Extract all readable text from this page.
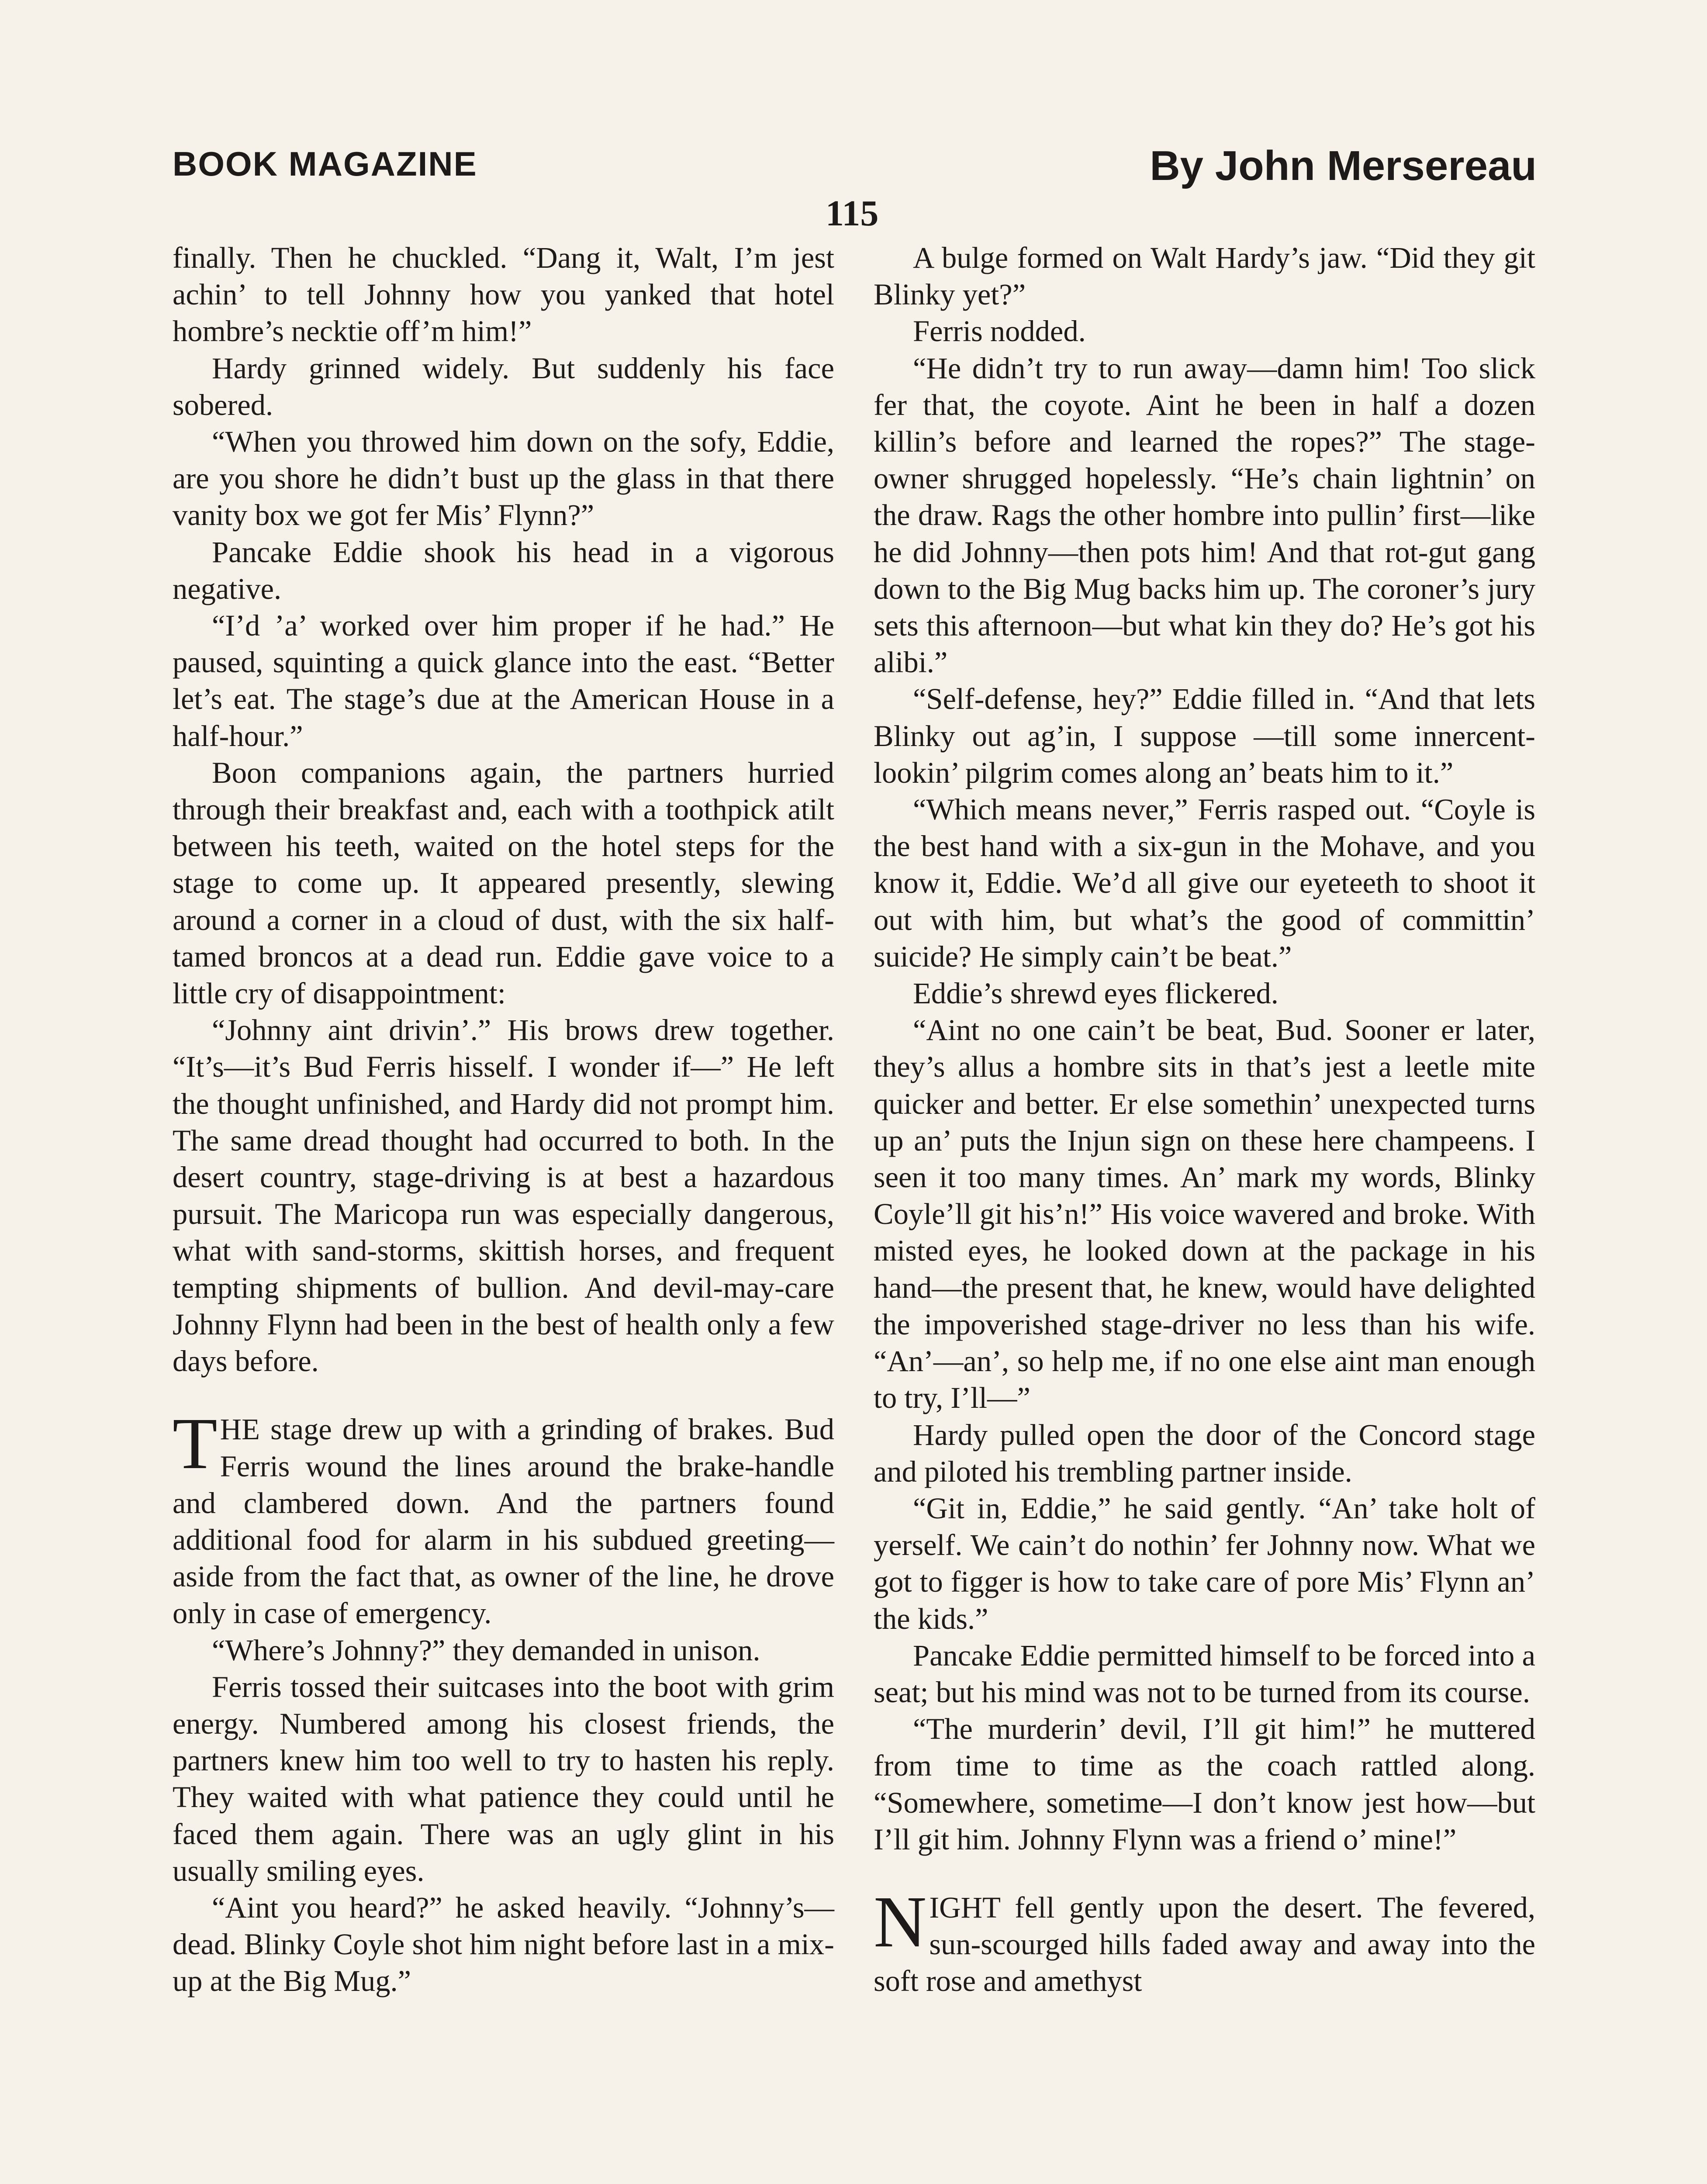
BOOK MAGAZINE	By John Mersereau
115

finally. Then he chuckled. “Dang it, Walt, I’m jest achin’ to tell Johnny how you yanked that hotel hombre’s necktie off’m him!”

Hardy grinned widely. But suddenly his face sobered.

“When you throwed him down on the sofy, Eddie, are you shore he didn’t bust up the glass in that there vanity box we got fer Mis’ Flynn?”

Pancake Eddie shook his head in a vigorous negative.

“I’d ’a’ worked over him proper if he had.” He paused, squinting a quick glance into the east. “Better let’s eat. The stage’s due at the American House in a half-hour.”

Boon companions again, the partners hurried through their breakfast and, each with a toothpick atilt between his teeth, waited on the hotel steps for the stage to come up. It appeared presently, slewing around a corner in a cloud of dust, with the six half-tamed broncos at a dead run. Eddie gave voice to a little cry of disappointment:

“Johnny aint drivin’.” His brows drew together. “It’s—it’s Bud Ferris hisself. I wonder if—” He left the thought unfinished, and Hardy did not prompt him. The same dread thought had occurred to both. In the desert country, stage-driving is at best a hazardous pursuit. The Maricopa run was especially dangerous, what with sand-storms, skittish horses, and frequent tempting shipments of bullion. And devil-may-care Johnny Flynn had been in the best of health only a few days before.

THE stage drew up with a grinding of brakes. Bud Ferris wound the lines around the brake-handle and clambered down. And the partners found additional food for alarm in his subdued greeting—aside from the fact that, as owner of the line, he drove only in case of emergency.

“Where’s Johnny?” they demanded in unison.

Ferris tossed their suitcases into the boot with grim energy. Numbered among his closest friends, the partners knew him too well to try to hasten his reply. They waited with what patience they could until he faced them again. There was an ugly glint in his usually smiling eyes.

“Aint you heard?” he asked heavily. “Johnny’s—dead. Blinky Coyle shot him night before last in a mix-up at the Big Mug.”

A bulge formed on Walt Hardy’s jaw. “Did they git Blinky yet?”

Ferris nodded.

“He didn’t try to run away—damn him! Too slick fer that, the coyote. Aint he been in half a dozen killin’s before and learned the ropes?” The stage-owner shrugged hopelessly. “He’s chain lightnin’ on the draw. Rags the other hombre into pullin’ first—like he did Johnny—then pots him! And that rot-gut gang down to the Big Mug backs him up. The coroner’s jury sets this afternoon—but what kin they do? He’s got his alibi.”

“Self-defense, hey?” Eddie filled in. “And that lets Blinky out ag’in, I suppose —till some innercent-lookin’ pilgrim comes along an’ beats him to it.”

“Which means never,” Ferris rasped out. “Coyle is the best hand with a six-gun in the Mohave, and you know it, Eddie. We’d all give our eyeteeth to shoot it out with him, but what’s the good of committin’ suicide? He simply cain’t be beat.”

Eddie’s shrewd eyes flickered.

“Aint no one cain’t be beat, Bud. Sooner er later, they’s allus a hombre sits in that’s jest a leetle mite quicker and better. Er else somethin’ unexpected turns up an’ puts the Injun sign on these here champeens. I seen it too many times. An’ mark my words, Blinky Coyle’ll git his’n!” His voice wavered and broke. With misted eyes, he looked down at the package in his hand—the present that, he knew, would have delighted the impoverished stage-driver no less than his wife. “An’—an’, so help me, if no one else aint man enough to try, I’ll—”

Hardy pulled open the door of the Concord stage and piloted his trembling partner inside.

“Git in, Eddie,” he said gently. “An’ take holt of yerself. We cain’t do nothin’ fer Johnny now. What we got to figger is how to take care of pore Mis’ Flynn an’ the kids.”

Pancake Eddie permitted himself to be forced into a seat; but his mind was not to be turned from its course.

“The murderin’ devil, I’ll git him!” he muttered from time to time as the coach rattled along. “Somewhere, sometime—I don’t know jest how—but I’ll git him. Johnny Flynn was a friend o’ mine!”

NIGHT fell gently upon the desert. The fevered, sun-scourged hills faded away and away into the soft rose and amethyst
